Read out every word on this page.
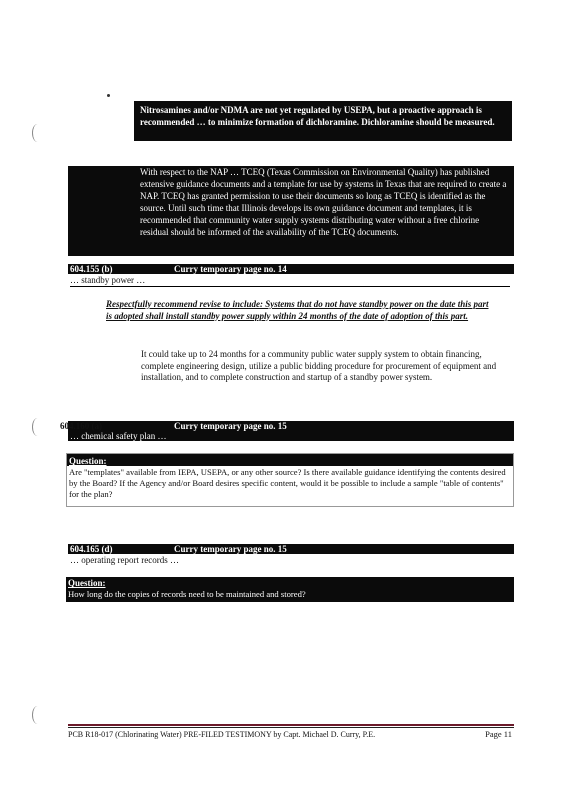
Nitrosamines and/or NDMA are not yet regulated by USEPA, but a proactive approach is recommended … to minimize formation of dichloramine. Dichloramine should be measured.
With respect to the NAP … TCEQ (Texas Commission on Environmental Quality) has published extensive guidance documents and a template for use by systems in Texas that are required to create a NAP. TCEQ has granted permission to use their documents so long as TCEQ is identified as the source. Until such time that Illinois develops its own guidance document and templates, it is recommended that community water supply systems distributing water without a free chlorine residual should be informed of the availability of the TCEQ documents.
604.155 (b)	Curry temporary page no. 14
… standby power …
Respectfully recommend revise to include: Systems that do not have standby power on the date this part is adopted shall install standby power supply within 24 months of the date of adoption of this part.
It could take up to 24 months for a community public water supply system to obtain financing, complete engineering design, utilize a public bidding procedure for procurement of equipment and installation, and to complete construction and startup of a standby power system.
604.160 (a)	Curry temporary page no. 15
… chemical safety plan …
Question:
Are "templates" available from IEPA, USEPA, or any other source? Is there available guidance identifying the contents desired by the Board? If the Agency and/or Board desires specific content, would it be possible to include a sample "table of contents" for the plan?
604.165 (d)	Curry temporary page no. 15
… operating report records …
Question:
How long do the copies of records need to be maintained and stored?
PCB R18-017 (Chlorinating Water) PRE-FILED TESTIMONY by Capt. Michael D. Curry, P.E.	Page 11
